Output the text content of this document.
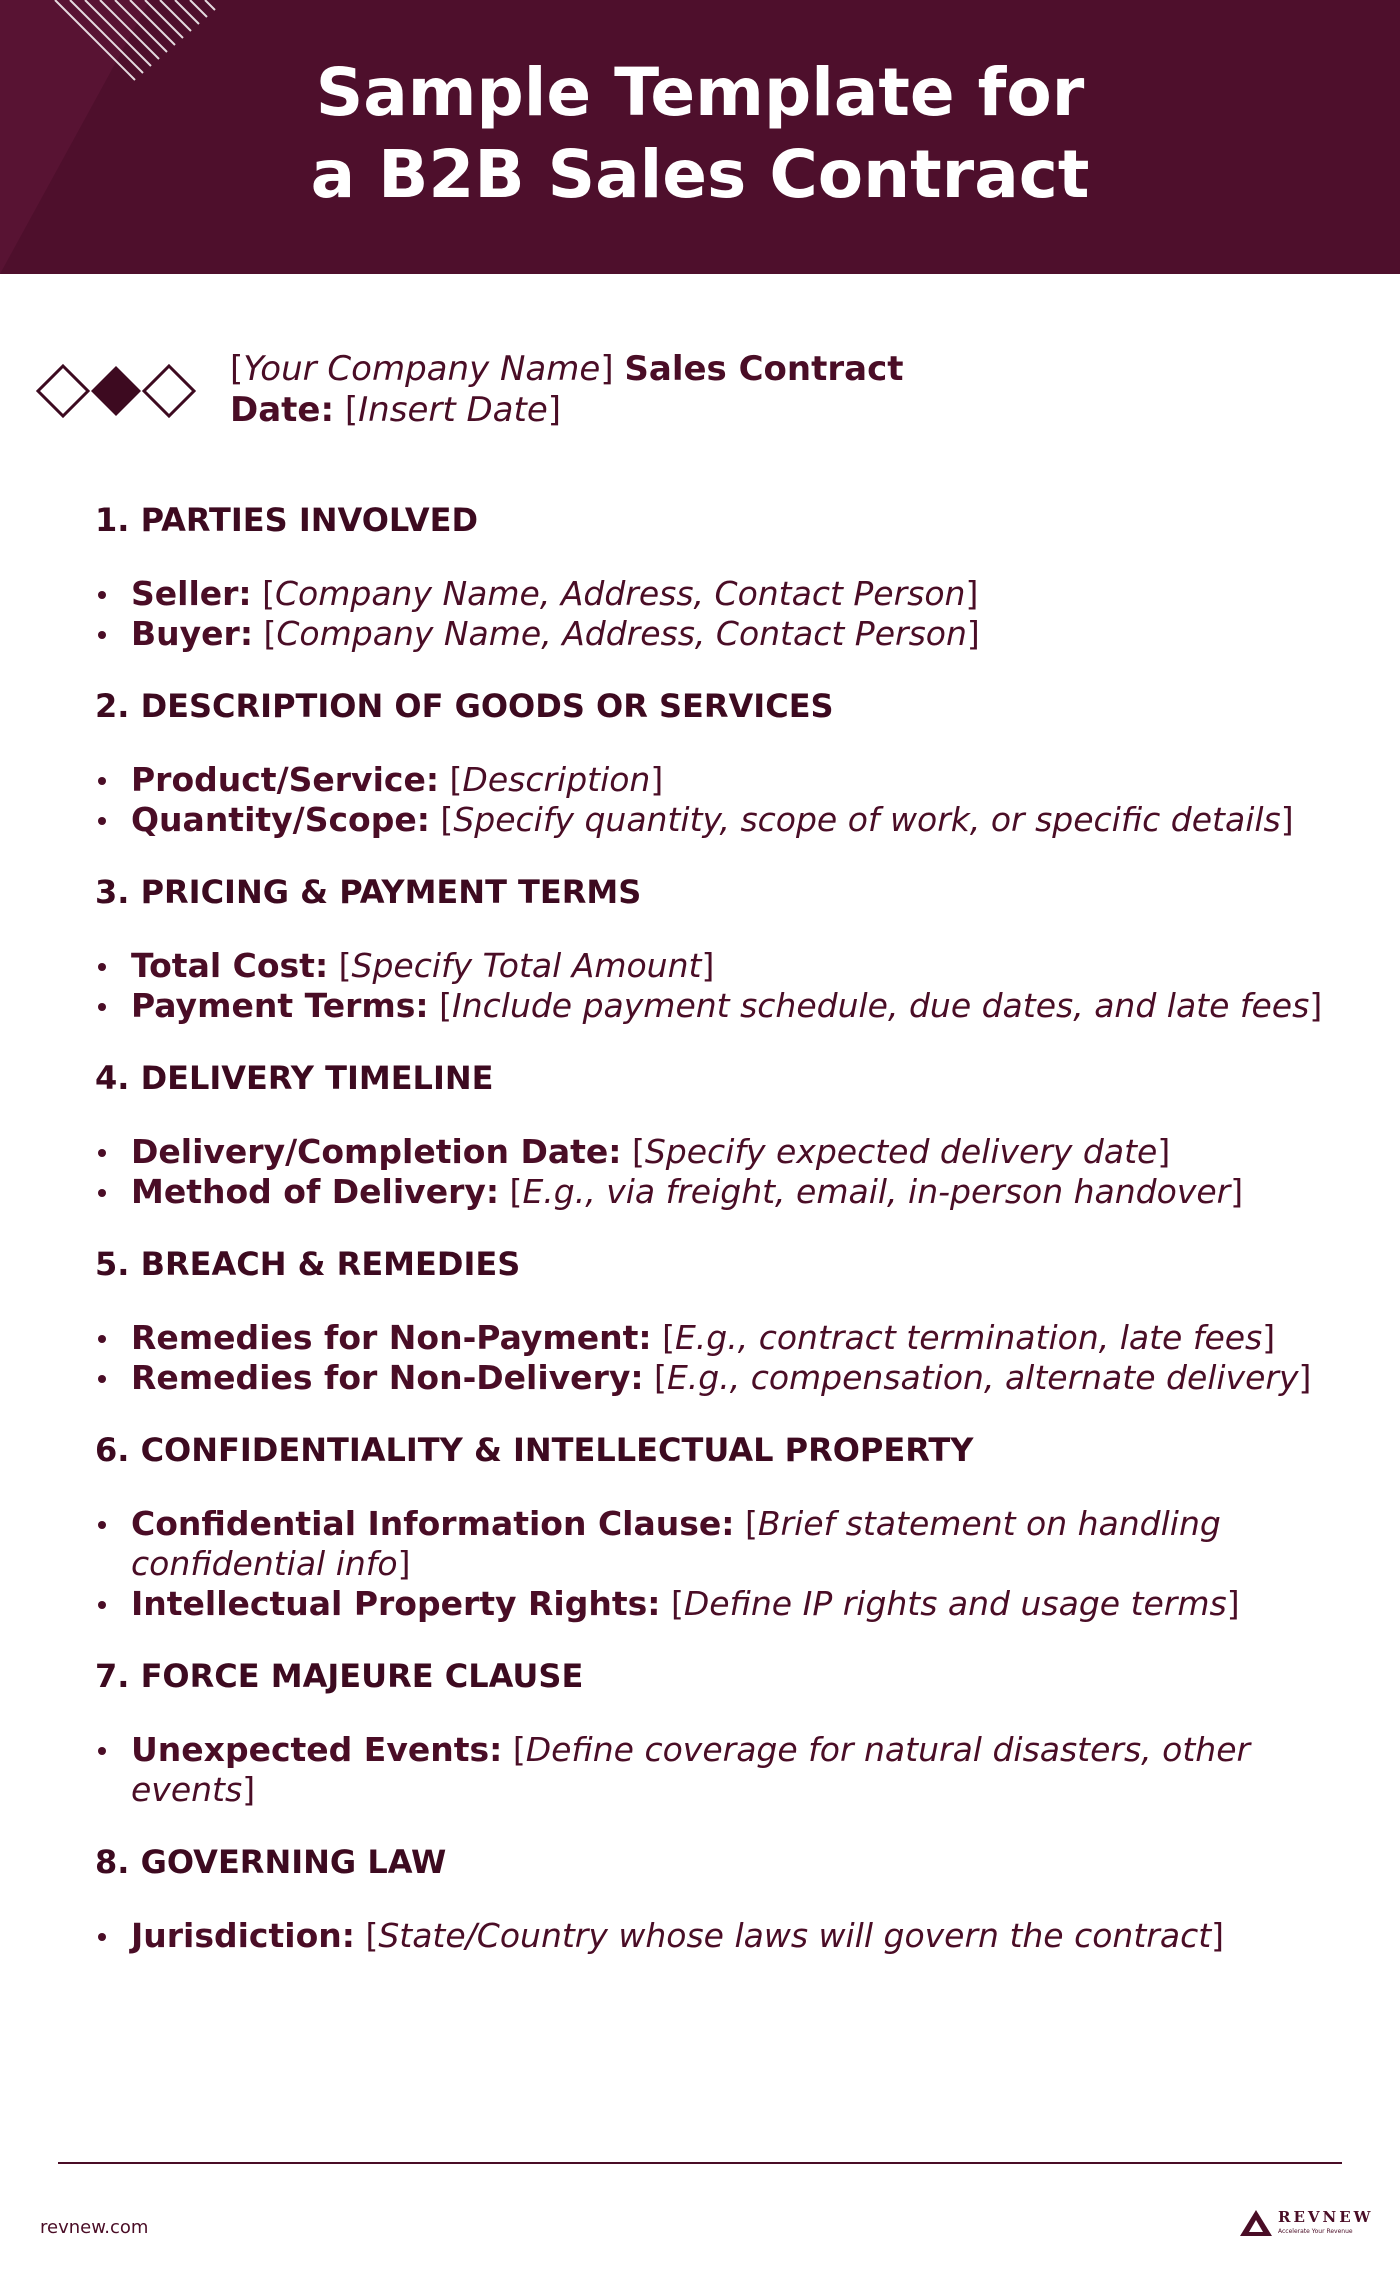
Sample Template for
a B2B Sales Contract
[Your Company Name] Sales Contract
Date: [Insert Date]
1. PARTIES INVOLVED
Seller: [Company Name, Address, Contact Person]
Buyer: [Company Name, Address, Contact Person]
2. DESCRIPTION OF GOODS OR SERVICES
Product/Service: [Description]
Quantity/Scope: [Specify quantity, scope of work, or specific details]
3. PRICING & PAYMENT TERMS
Total Cost: [Specify Total Amount]
Payment Terms: [Include payment schedule, due dates, and late fees]
4. DELIVERY TIMELINE
Delivery/Completion Date: [Specify expected delivery date]
Method of Delivery: [E.g., via freight, email, in-person handover]
5. BREACH & REMEDIES
Remedies for Non-Payment: [E.g., contract termination, late fees]
Remedies for Non-Delivery: [E.g., compensation, alternate delivery]
6. CONFIDENTIALITY & INTELLECTUAL PROPERTY
Confidential Information Clause: [Brief statement on handling confidential info]
Intellectual Property Rights: [Define IP rights and usage terms]
7. FORCE MAJEURE CLAUSE
Unexpected Events: [Define coverage for natural disasters, other events]
8. GOVERNING LAW
Jurisdiction: [State/Country whose laws will govern the contract]
revnew.com	REVNEW
Accelerate Your Revenue
